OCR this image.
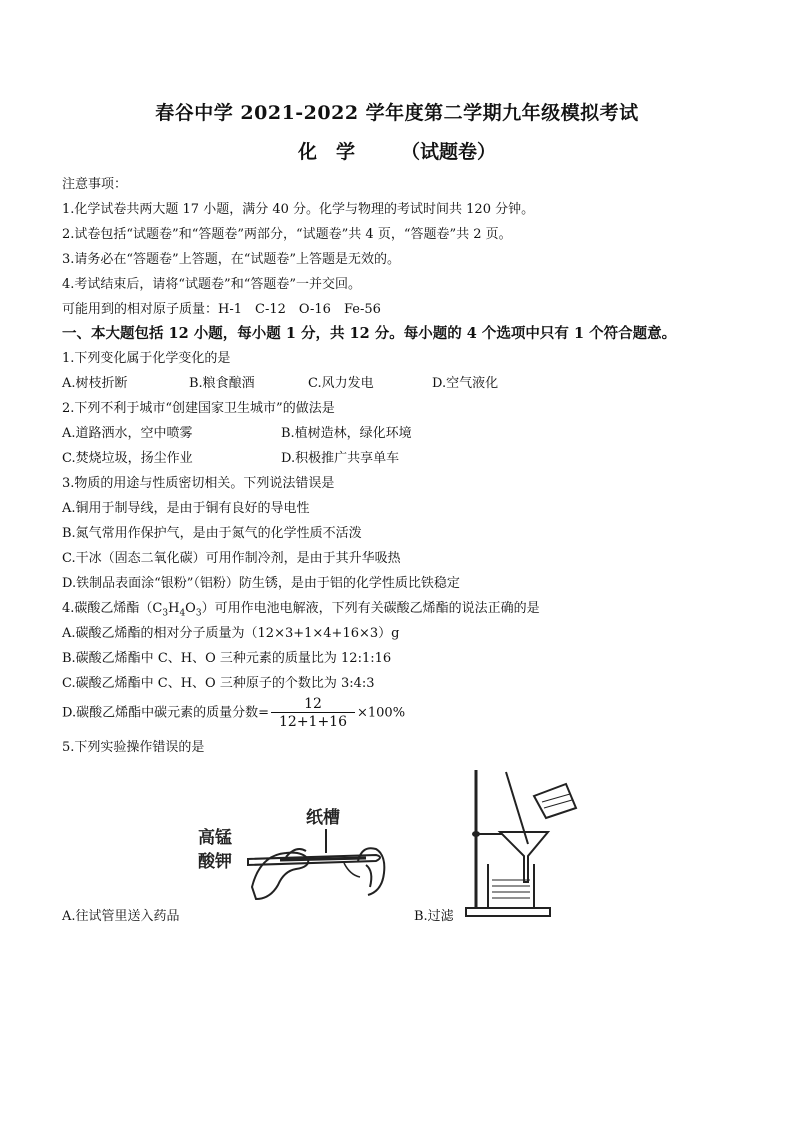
春谷中学 2021-2022 学年度第二学期九年级模拟考试
化　学 （试题卷）
注意事项：
1.化学试卷共两大题 17 小题，满分 40 分。化学与物理的考试时间共 120 分钟。
2.试卷包括“试题卷”和“答题卷”两部分，“试题卷”共 4 页，“答题卷”共 2 页。
3.请务必在“答题卷”上答题，在“试题卷”上答题是无效的。
4.考试结束后，请将“试题卷”和“答题卷”一并交回。
可能用到的相对原子质量：H-1　C-12　O-16　Fe-56
一、本大题包括 12 小题，每小题 1 分，共 12 分。每小题的 4 个选项中只有 1 个符合题意。
1.下列变化属于化学变化的是
A.树枝折断	B.粮食酿酒	C.风力发电	D.空气液化
2.下列不利于城市“创建国家卫生城市”的做法是
A.道路洒水，空中喷雾	B.植树造林，绿化环境
C.焚烧垃圾，扬尘作业	D.积极推广共享单车
3.物质的用途与性质密切相关。下列说法错误是
A.铜用于制导线，是由于铜有良好的导电性
B.氮气常用作保护气，是由于氮气的化学性质不活泼
C.干冰（固态二氧化碳）可用作制冷剂，是由于其升华吸热
D.铁制品表面涂“银粉”（铝粉）防生锈，是由于铝的化学性质比铁稳定
4.碳酸乙烯酯$(C_3H_4O_3)$可用作电池电解液，下列有关碳酸乙烯酯的说法正确的是
A.碳酸乙烯酯的相对分子质量为（12×3+1×4+16×3）g
B.碳酸乙烯酯中 C、H、O 三种元素的质量比为 12:1:16
C.碳酸乙烯酯中 C、H、O 三种原子的个数比为 3:4:3
D.碳酸乙烯酯中碳元素的质量分数= $\frac{12}{12+1+16} \times 100\%$
5.下列实验操作错误的是
高锰
酸钾
纸槽
A.往试管里送入药品	B.过滤
